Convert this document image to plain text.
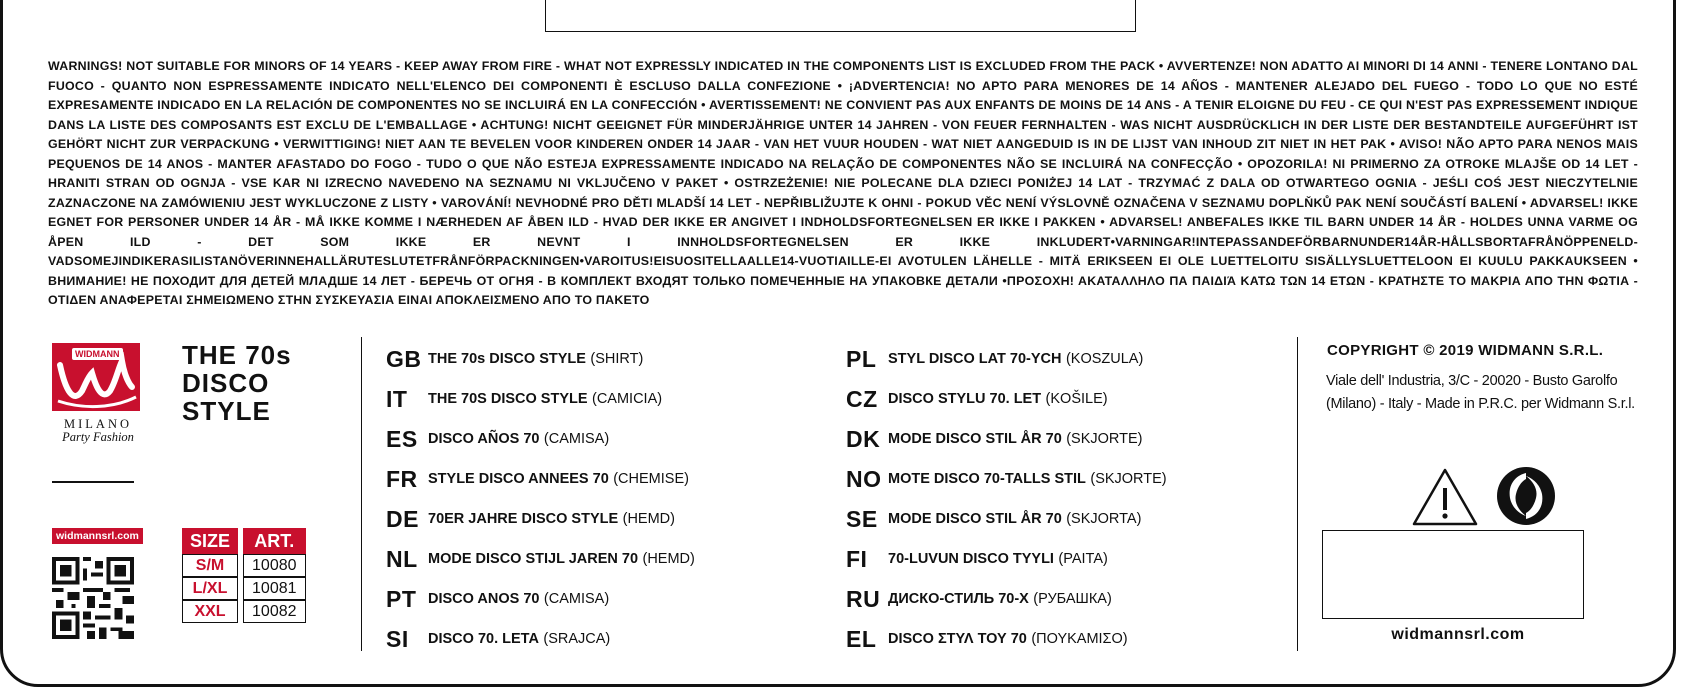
WARNINGS! NOT SUITABLE FOR MINORS OF 14 YEARS - KEEP AWAY FROM FIRE - WHAT NOT EXPRESSLY INDICATED IN THE COMPONENTS LIST IS EXCLUDED FROM THE PACK • AVVERTENZE! NON ADATTO AI MINORI DI 14 ANNI - TENERE LONTANO DAL FUOCO - QUANTO NON ESPRESSAMENTE INDICATO NELL'ELENCO DEI COMPONENTI È ESCLUSO DALLA CONFEZIONE • ¡ADVERTENCIA! NO APTO PARA MENORES DE 14 AÑOS - MANTENER ALEJADO DEL FUEGO - TODO LO QUE NO ESTÉ EXPRESAMENTE INDICADO EN LA RELACIÓN DE COMPONENTES NO SE INCLUIRÁ EN LA CONFECCIÓN • AVERTISSEMENT! NE CONVIENT PAS AUX ENFANTS DE MOINS DE 14 ANS - A TENIR ELOIGNE DU FEU - CE QUI N'EST PAS EXPRESSEMENT INDIQUE DANS LA LISTE DES COMPOSANTS EST EXCLU DE L'EMBALLAGE • ACHTUNG! NICHT GEEIGNET FÜR MINDERJÄHRIGE UNTER 14 JAHREN - VON FEUER FERNHALTEN - WAS NICHT AUSDRÜCKLICH IN DER LISTE DER BESTANDTEILE AUFGEFÜHRT IST GEHÖRT NICHT ZUR VERPACKUNG • VERWITTIGING! NIET AAN TE BEVELEN VOOR KINDEREN ONDER 14 JAAR - VAN HET VUUR HOUDEN - WAT NIET AANGEDUID IS IN DE LIJST VAN INHOUD ZIT NIET IN HET PAK • AVISO! NÃO APTO PARA NENOS MAIS PEQUENOS DE 14 ANOS - MANTER AFASTADO DO FOGO - TUDO O QUE NÃO ESTEJA EXPRESSAMENTE INDICADO NA RELAÇÃO DE COMPONENTES NÃO SE INCLUIRÁ NA CONFECÇÃO • OPOZORILA! NI PRIMERNO ZA OTROKE MLAJŠE OD 14 LET - HRANITI STRAN OD OGNJA - VSE KAR NI IZRECNO NAVEDENO NA SEZNAMU NI VKLJUČENO V PAKET • OSTRZEŻENIE! NIE POLECANE DLA DZIECI PONIŻEJ 14 LAT - TRZYMAĆ Z DALA OD OTWARTEGO OGNIA - JEŚLI COŚ JEST NIECZYTELNIE ZAZNACZONE NA ZAMÓWIENIU JEST WYKLUCZONE Z LISTY • VAROVÁNÍ! NEVHODNÉ PRO DĚTI MLADŠÍ 14 LET - NEPŘIBLIŽUJTE K OHNI - POKUD VĚC NENÍ VÝSLOVNĚ OZNAČENA V SEZNAMU DOPLŇKŮ PAK NENÍ SOUČÁSTÍ BALENÍ • ADVARSEL! IKKE EGNET FOR PERSONER UNDER 14 ÅR - MÅ IKKE KOMME I NÆRHEDEN AF ÅBEN ILD - HVAD DER IKKE ER ANGIVET I INDHOLDSFORTEGNELSEN ER IKKE I PAKKEN • ADVARSEL! ANBEFALES IKKE TIL BARN UNDER 14 ÅR - HOLDES UNNA VARME OG ÅPEN ILD - DET SOM IKKE ER NEVNT I INNHOLDSFORTEGNELSEN ER IKKE INKLUDERT•VARNINGAR!INTEPASSANDEFÖRBARNUNDER14ÅR-HÅLLSBORTAFRÅNÖPPENELD-VADSOMEJINDIKERASILISTANÖVERINNEHALLÄRUTESLUTETFRÅNFÖRPACKNINGEN•VAROITUS!EISUOSITELLAALLE14-VUOTIAILLE-EI AVOTULEN LÄHELLE - MITÄ ERIKSEEN EI OLE LUETTELOITU SISÄLLYSLUETTELOON EI KUULU PAKKAUKSEEN • ВНИМАНИЕ! НЕ ПОХОДИТ ДЛЯ ДЕТЕЙ МЛАДШЕ 14 ЛЕТ - БЕРЕЧЬ ОТ ОГНЯ - В КОМПЛЕКТ ВХОДЯТ ТОЛЬКО ПОМЕЧЕННЫЕ НА УПАКОВКЕ ДЕТАЛИ •ΠΡΟΣΟΧΗ! ΑΚΑΤΑΛΛΗΛΟ ΠΑ ΠΑΙΔΙΆ ΚΑΤΩ ΤΩΝ 14 ΕΤΩΝ - ΚΡΑΤΗΣΤΕ ΤΟ ΜΑΚΡΙΑ ΑΠΟ ΤΗΝ ΦΩΤΙΑ - ΟΤΙΔΕΝ ΑΝΑΦΕΡΕΤΑΙ ΣΗΜΕΙΩΜΕΝΟ ΣΤΗΝ ΣΥΣΚΕΥΑΣΙΑ ΕΙΝΑΙ ΑΠΟΚΛΕΙΣΜΕΝΟ ΑΠΟ ΤΟ ΠΑΚΕΤΟ

WIDMANN
®
MILANO
Party Fashion
THE 70s
DISCO
STYLE
widmannsrl.com	SIZE	ART.
S/M	10080
L/XL	10081
XXL	10082
GB THE 70s DISCO STYLE
(SHIRT)
IT	THE 70S DISCO STYLE
(CAMICIA)
ES DISCO AÑOS 70
(CAMISA)
FR STYLE DISCO ANNEES 70
(CHEMISE)
DE 70ER JAHRE DISCO STYLE
(HEMD)
NL MODE DISCO STIJL JAREN 70
(HEMD)
PT DISCO ANOS 70
(CAMISA)
SI	DISCO 70. LETA
(SRAJCA)
PL STYL DISCO LAT 70-YCH
(KOSZULA)
CZ DISCO STYLU 70. LET
(KOŠILE)
DK MODE DISCO STIL ÅR 70
(SKJORTE)
NO MOTE DISCO 70-TALLS STIL
(SKJORTE)
SE MODE DISCO STIL ÅR 70
(SKJORTA)
FI	70-LUVUN DISCO TYYLI
(PAITA)
RU ДИСКО-СТИЛЬ 70-Х
(РУБАШКА)
EL DISCO ΣΤΥΛ ΤΟΥ 70
(ΠΟΥΚΑΜΙΣΟ)
COPYRIGHT © 2019 WIDMANN S.R.L.
Viale dell' Industria, 3/C - 20020 - Busto Garolfo
(Milano) - Italy - Made in P.R.C. per Widmann S.r.l.
widmannsrl.com
